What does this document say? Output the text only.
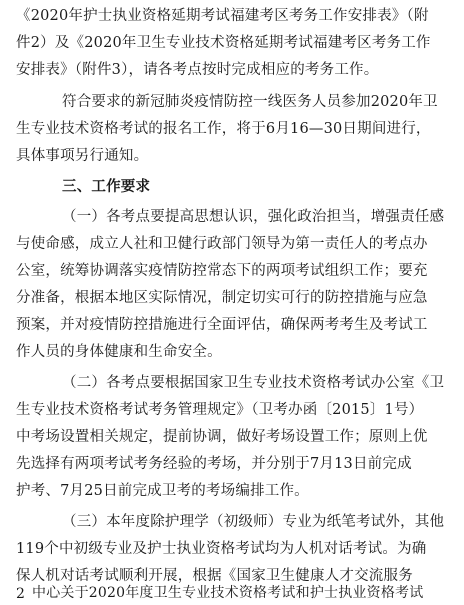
《2020年护士执业资格延期考试福建考区考务工作安排表》（附
件2）及《2020年卫生专业技术资格延期考试福建考区考务工作
安排表》（附件3），请各考点按时完成相应的考务工作。
符合要求的新冠肺炎疫情防控一线医务人员参加2020年卫
生专业技术资格考试的报名工作，将于6月16—30日期间进行，
具体事项另行通知。
三、工作要求
（一）各考点要提高思想认识，强化政治担当，增强责任感
与使命感，成立人社和卫健行政部门领导为第一责任人的考点办
公室，统筹协调落实疫情防控常态下的两项考试组织工作；要充
分准备，根据本地区实际情况，制定切实可行的防控措施与应急
预案，并对疫情防控措施进行全面评估，确保两考考生及考试工
作人员的身体健康和生命安全。
（二）各考点要根据国家卫生专业技术资格考试办公室《卫
生专业技术资格考试考务管理规定》（卫考办函〔2015〕1号）
中考场设置相关规定，提前协调，做好考场设置工作；原则上优
先选择有两项考试考务经验的考场，并分别于7月13日前完成
护考、7月25日前完成卫考的考场编排工作。
（三）本年度除护理学（初级师）专业为纸笔考试外，其他
2
119个中初级专业及护士执业资格考试均为人机对话考试。为确
保人机对话考试顺利开展，根据《国家卫生健康人才交流服务
中心关于2020年度卫生专业技术资格考试和护士执业资格考试
